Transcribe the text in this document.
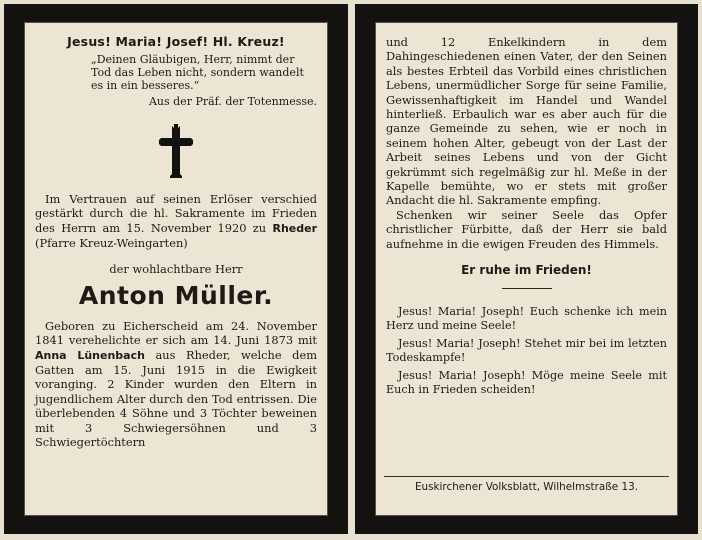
Jesus! Maria! Josef! Hl. Kreuz!
„Deinen Gläubigen, Herr, nimmt der Tod das Leben nicht, sondern wandelt es in ein besseres.“
Aus der Präf. der Totenmesse.

Im Vertrauen auf seinen Erlöser verschied gestärkt durch die hl. Sakramente im Frieden des Herrn am 15. November 1920 zu Rheder (Pfarre Kreuz-Weingarten)

der wohlachtbare Herr
Anton Müller.

Geboren zu Eicherscheid am 24. November 1841 verehelichte er sich am 14. Juni 1873 mit Anna Lünenbach aus Rheder, welche dem Gatten am 15. Juni 1915 in die Ewigkeit voranging. 2 Kinder wurden den Eltern in jugendlichem Alter durch den Tod entrissen. Die überlebenden 4 Söhne und 3 Töchter beweinen mit 3 Schwiegersöhnen und 3 Schwiegertöchtern

und 12 Enkelkindern in dem Dahingeschiedenen einen Vater, der den Seinen als bestes Erbteil das Vorbild eines christlichen Lebens, unermüdlicher Sorge für seine Familie, Gewissenhaftigkeit im Handel und Wandel hinterließ. Erbaulich war es aber auch für die ganze Gemeinde zu sehen, wie er noch in seinem hohen Alter, gebeugt von der Last der Arbeit seines Lebens und von der Gicht gekrümmt sich regelmäßig zur hl. Meße in der Kapelle bemühte, wo er stets mit großer Andacht die hl. Sakramente empfing.

Schenken wir seiner Seele das Opfer christlicher Fürbitte, daß der Herr sie bald aufnehme in die ewigen Freuden des Himmels.

Er ruhe im Frieden!

Jesus! Maria! Joseph! Euch schenke ich mein Herz und meine Seele!

Jesus! Maria! Joseph! Stehet mir bei im letzten Todeskampfe!

Jesus! Maria! Joseph! Möge meine Seele mit Euch in Frieden scheiden!

Euskirchener Volksblatt, Wilhelmstraße 13.
